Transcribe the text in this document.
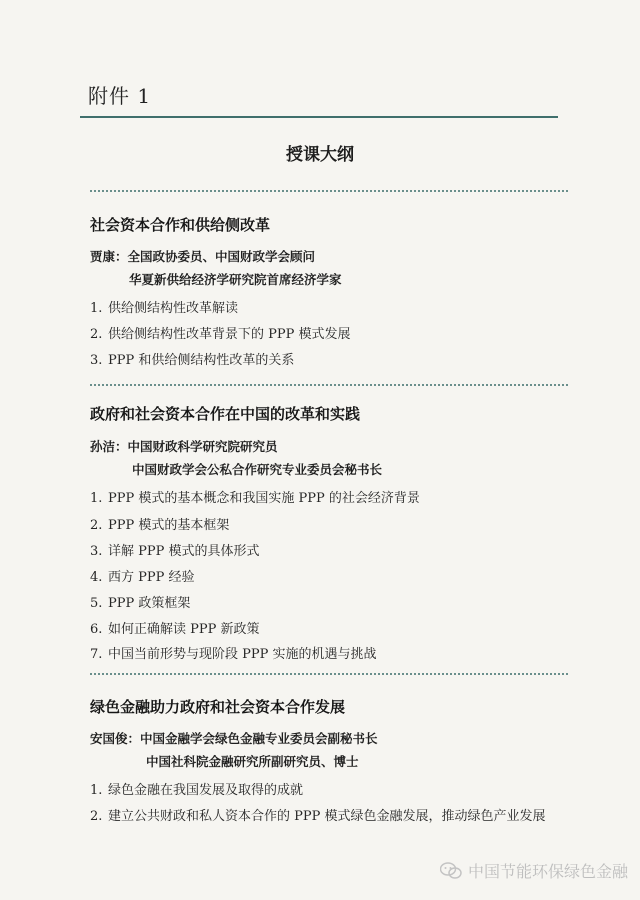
附件 1
授课大纲
社会资本合作和供给侧改革
贾康：全国政协委员、中国财政学会顾问
华夏新供给经济学研究院首席经济学家
1. 供给侧结构性改革解读
2. 供给侧结构性改革背景下的 PPP 模式发展
3. PPP 和供给侧结构性改革的关系
政府和社会资本合作在中国的改革和实践
孙洁：中国财政科学研究院研究员
中国财政学会公私合作研究专业委员会秘书长
1. PPP 模式的基本概念和我国实施 PPP 的社会经济背景
2. PPP 模式的基本框架
3. 详解 PPP 模式的具体形式
4. 西方 PPP 经验
5. PPP 政策框架
6. 如何正确解读 PPP 新政策
7. 中国当前形势与现阶段 PPP 实施的机遇与挑战
绿色金融助力政府和社会资本合作发展
安国俊：中国金融学会绿色金融专业委员会副秘书长
中国社科院金融研究所副研究员、博士
1. 绿色金融在我国发展及取得的成就
2. 建立公共财政和私人资本合作的 PPP 模式绿色金融发展，推动绿色产业发展
中国节能环保绿色金融
